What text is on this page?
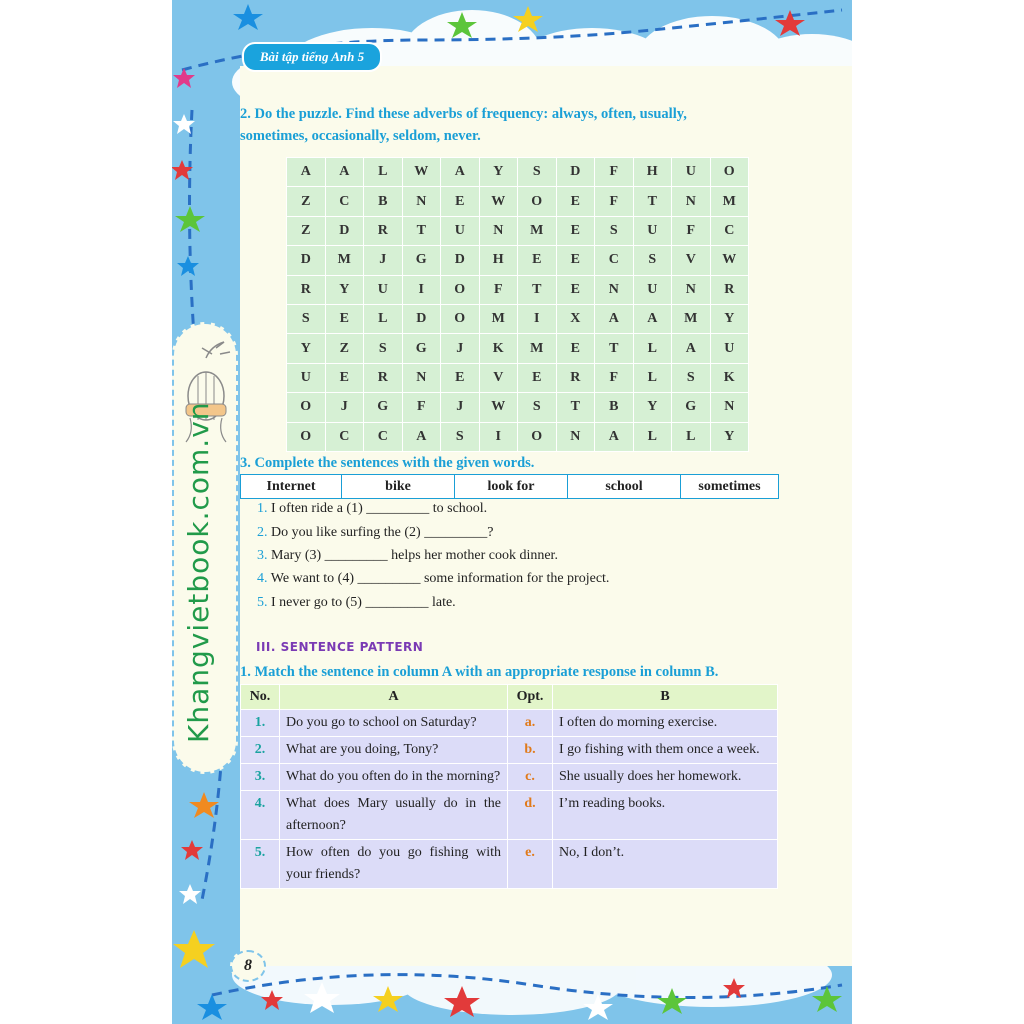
Bài tập tiếng Anh 5
Khangvietbook.com.vn
2. Do the puzzle. Find these adverbs of frequency: always, often, usually,
sometimes, occasionally, seldom, never.
A	A	L	W	A	Y	S	D	F	H	U	O
Z	C	B	N	E	W	O	E	F	T	N	M
Z	D	R	T	U	N	M	E	S	U	F	C
D	M	J	G	D	H	E	E	C	S	V	W
R	Y	U	I	O	F	T	E	N	U	N	R
S	E	L	D	O	M	I	X	A	A	M	Y
Y	Z	S	G	J	K	M	E	T	L	A	U
U	E	R	N	E	V	E	R	F	L	S	K
O	J	G	F	J	W	S	T	B	Y	G	N
O	C	C	A	S	I	O	N	A	L	L	Y
3. Complete the sentences with the given words.
Internet	bike	look for	school	sometimes
1. I often ride a (1) _________ to school.
2. Do you like surfing the (2) _________?
3. Mary (3) _________ helps her mother cook dinner.
4. We want to (4) _________ some information for the project.
5. I never go to (5) _________ late.
III. SENTENCE PATTERN
1. Match the sentence in column A with an appropriate response in column B.
No.	A	Opt.	B
1.	Do you go to school on Saturday?	a.	I often do morning exercise.
2.	What are you doing, Tony?	b.	I go fishing with them once a week.
3.	What do you often do in the morning?	c.	She usually does her homework.
4.	What does Mary usually do in the afternoon?	d.	I’m reading books.
5.	How often do you go fishing with your friends?	e.	No, I don’t.
8
